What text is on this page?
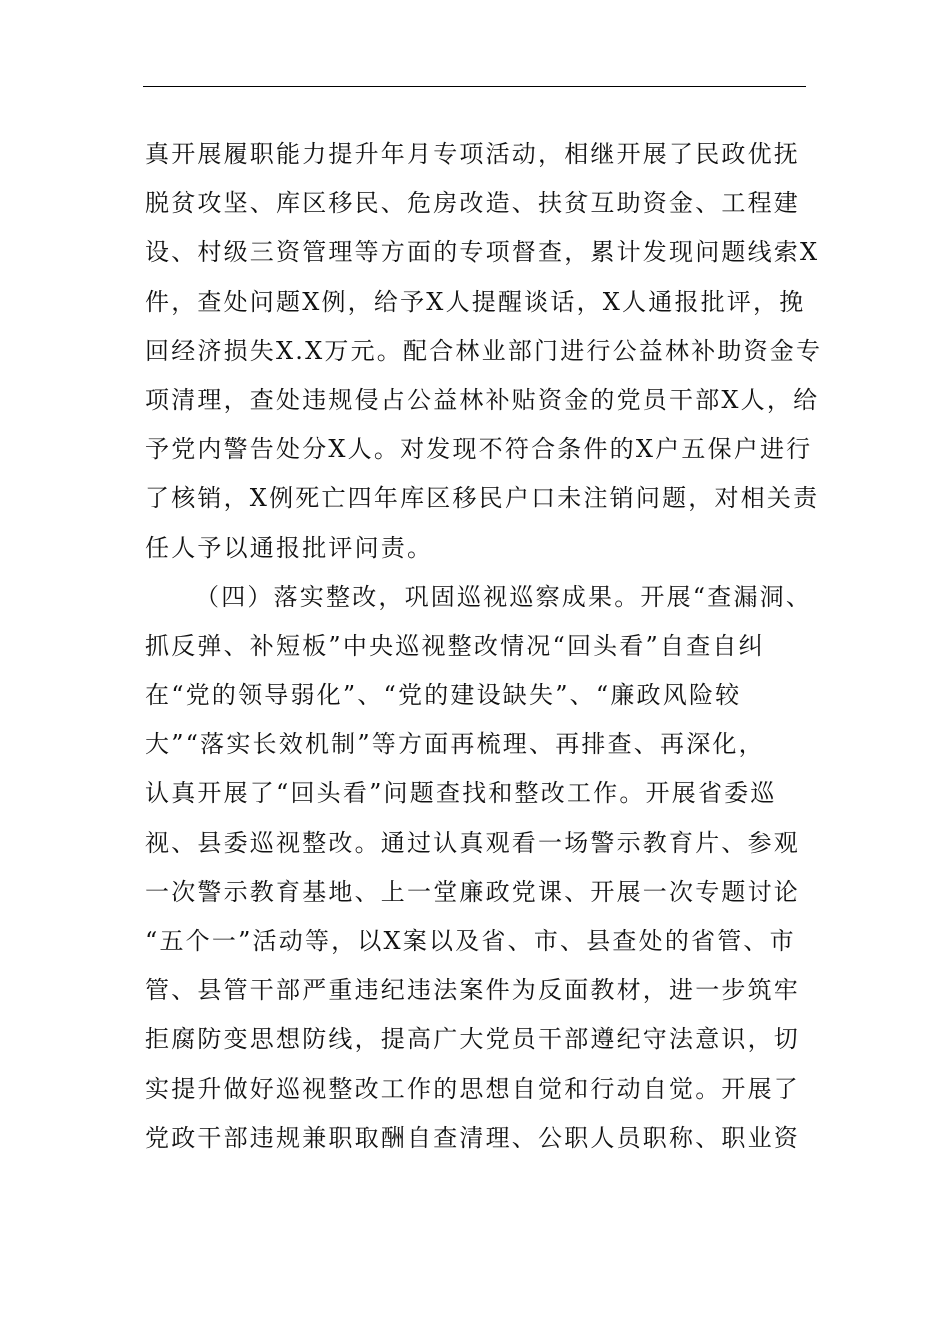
真开展履职能力提升年月专项活动，相继开展了民政优抚
脱贫攻坚、库区移民、危房改造、扶贫互助资金、工程建
设、村级三资管理等方面的专项督查，累计发现问题线索X
件，查处问题X例，给予X人提醒谈话，X人通报批评，挽
回经济损失X.X万元。配合林业部门进行公益林补助资金专
项清理，查处违规侵占公益林补贴资金的党员干部X人，给
予党内警告处分X人。对发现不符合条件的X户五保户进行
了核销，X例死亡四年库区移民户口未注销问题，对相关责
任人予以通报批评问责。
（四）落实整改，巩固巡视巡察成果。开展“查漏洞、
抓反弹、补短板”中央巡视整改情况“回头看”自查自纠
在“党的领导弱化”、“党的建设缺失”、“廉政风险较
大”“落实长效机制”等方面再梳理、再排查、再深化，
认真开展了“回头看”问题查找和整改工作。开展省委巡
视、县委巡视整改。通过认真观看一场警示教育片、参观
一次警示教育基地、上一堂廉政党课、开展一次专题讨论
“五个一”活动等，以X案以及省、市、县查处的省管、市
管、县管干部严重违纪违法案件为反面教材，进一步筑牢
拒腐防变思想防线，提高广大党员干部遵纪守法意识，切
实提升做好巡视整改工作的思想自觉和行动自觉。开展了
党政干部违规兼职取酬自查清理、公职人员职称、职业资
